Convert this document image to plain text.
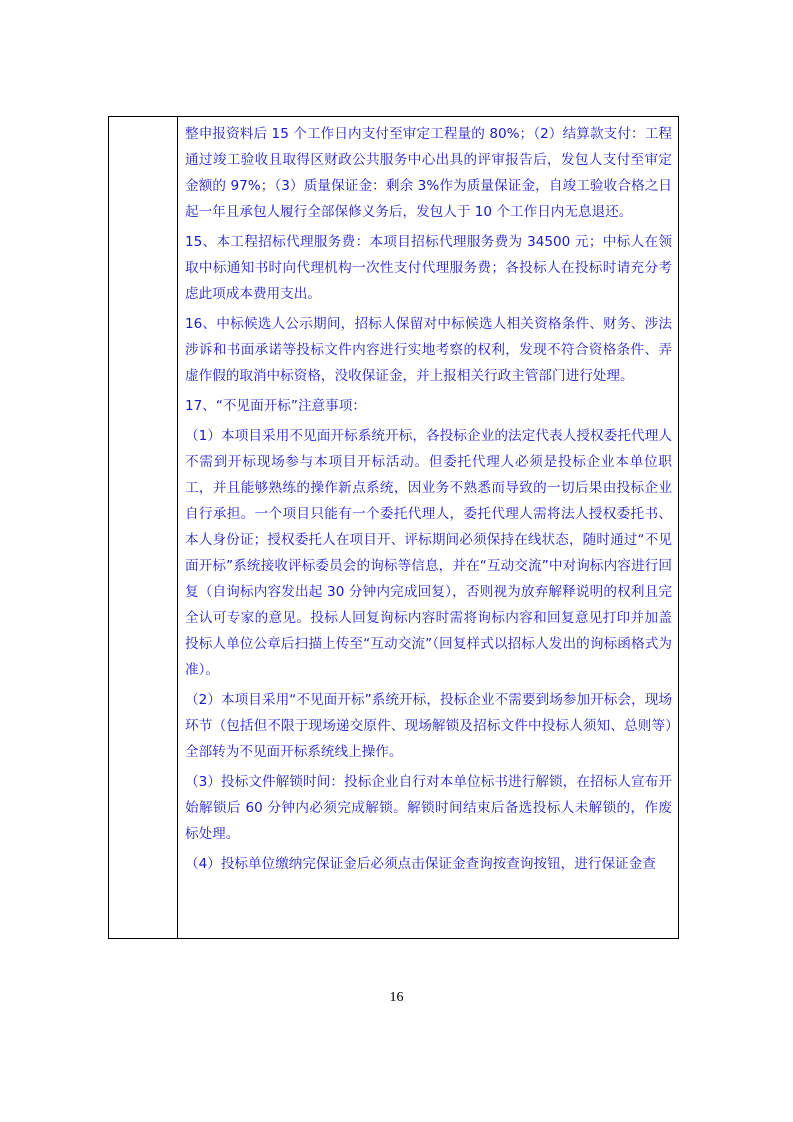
整申报资料后 15 个工作日内支付至审定工程量的 80%；（2）结算款支付：工程通过竣工验收且取得区财政公共服务中心出具的评审报告后，发包人支付至审定金额的 97%；（3）质量保证金：剩余 3%作为质量保证金，自竣工验收合格之日起一年且承包人履行全部保修义务后，发包人于 10 个工作日内无息退还。

15、本工程招标代理服务费：本项目招标代理服务费为 34500 元；中标人在领取中标通知书时向代理机构一次性支付代理服务费；各投标人在投标时请充分考虑此项成本费用支出。

16、中标候选人公示期间，招标人保留对中标候选人相关资格条件、财务、涉法涉诉和书面承诺等投标文件内容进行实地考察的权利，发现不符合资格条件、弄虚作假的取消中标资格，没收保证金，并上报相关行政主管部门进行处理。

17、“不见面开标”注意事项：

（1）本项目采用不见面开标系统开标，各投标企业的法定代表人授权委托代理人不需到开标现场参与本项目开标活动。但委托代理人必须是投标企业本单位职工，并且能够熟练的操作新点系统，因业务不熟悉而导致的一切后果由投标企业自行承担。一个项目只能有一个委托代理人，委托代理人需将法人授权委托书、本人身份证；授权委托人在项目开、评标期间必须保持在线状态，随时通过“不见面开标”系统接收评标委员会的询标等信息，并在“互动交流”中对询标内容进行回复（自询标内容发出起 30 分钟内完成回复），否则视为放弃解释说明的权利且完全认可专家的意见。投标人回复询标内容时需将询标内容和回复意见打印并加盖投标人单位公章后扫描上传至“互动交流”（回复样式以招标人发出的询标函格式为准）。

（2）本项目采用“不见面开标”系统开标，投标企业不需要到场参加开标会，现场环节（包括但不限于现场递交原件、现场解锁及招标文件中投标人须知、总则等）全部转为不见面开标系统线上操作。

（3）投标文件解锁时间：投标企业自行对本单位标书进行解锁，在招标人宣布开始解锁后 60 分钟内必须完成解锁。解锁时间结束后备选投标人未解锁的，作废标处理。

（4）投标单位缴纳完保证金后必须点击保证金查询按查询按钮，进行保证金查

16
